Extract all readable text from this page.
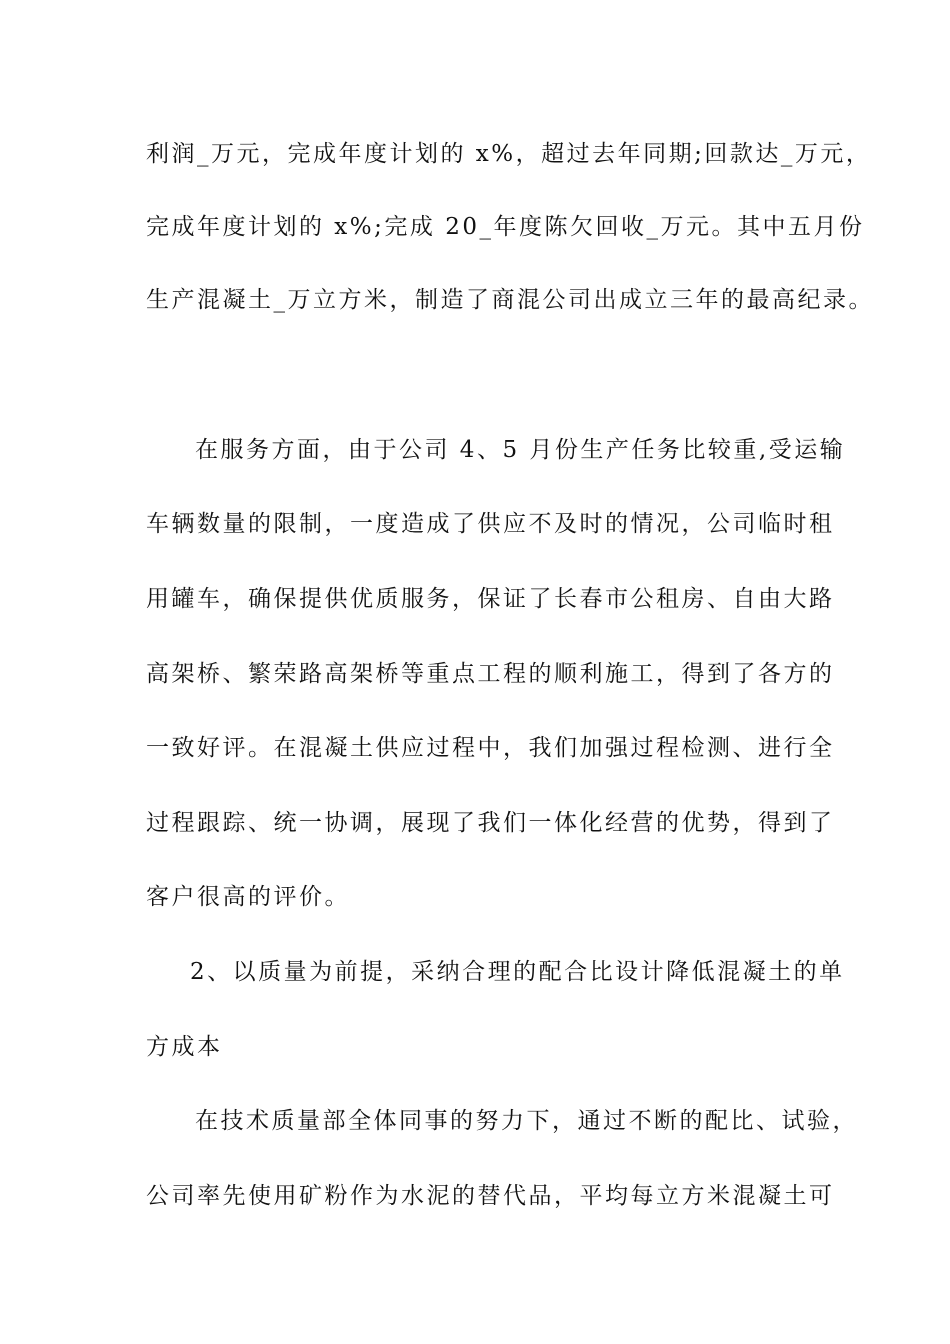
利润_万元，完成年度计划的 x%，超过去年同期;回款达_万元，
完成年度计划的 x%;完成 20_年度陈欠回收_万元。其中五月份
生产混凝土_万立方米，制造了商混公司出成立三年的最高纪录。
在服务方面，由于公司 4、5 月份生产任务比较重,受运输
车辆数量的限制，一度造成了供应不及时的情况，公司临时租
用罐车，确保提供优质服务，保证了长春市公租房、自由大路
高架桥、繁荣路高架桥等重点工程的顺利施工，得到了各方的
一致好评。在混凝土供应过程中，我们加强过程检测、进行全
过程跟踪、统一协调，展现了我们一体化经营的优势，得到了
客户很高的评价。
2、以质量为前提，采纳合理的配合比设计降低混凝土的单
方成本
在技术质量部全体同事的努力下，通过不断的配比、试验，
公司率先使用矿粉作为水泥的替代品，平均每立方米混凝土可
